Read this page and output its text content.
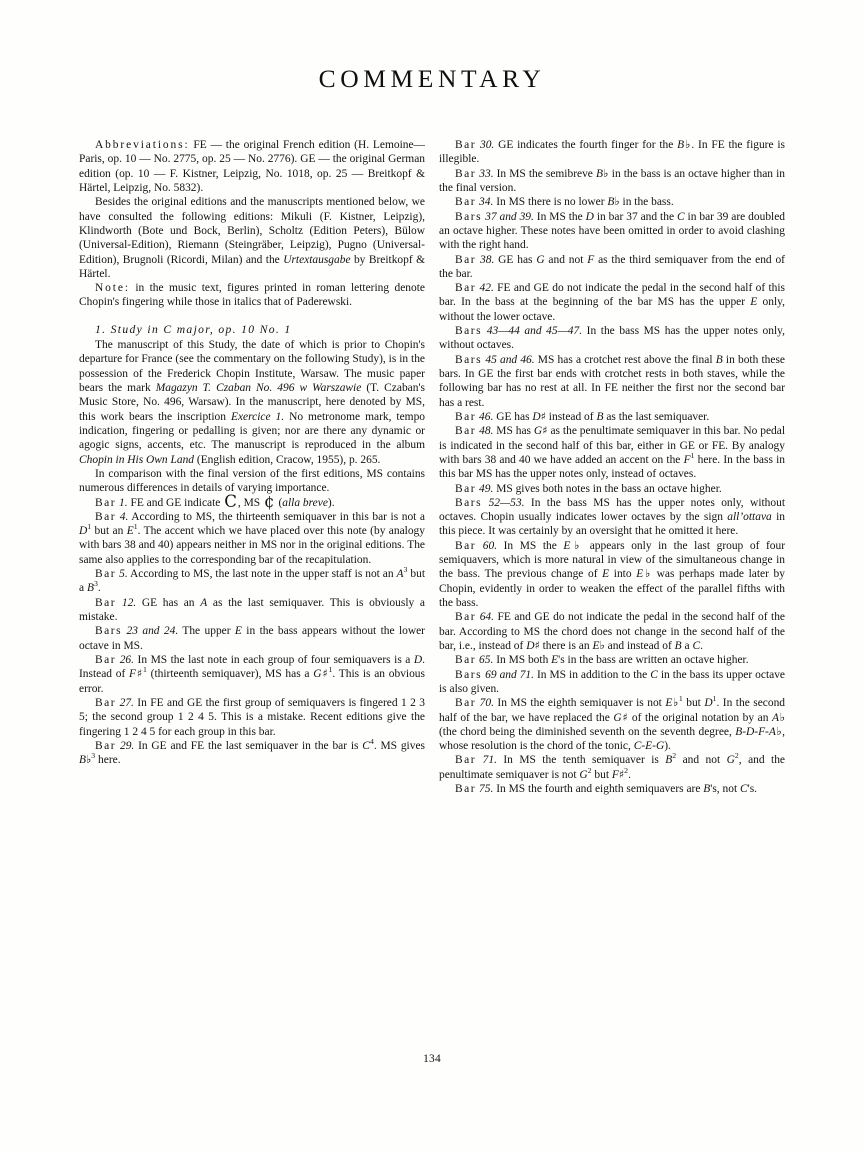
COMMENTARY

Abbreviations: FE — the original French edition (H. Lemoine—Paris, op. 10 — No. 2775, op. 25 — No. 2776). GE — the original German edition (op. 10 — F. Kistner, Leipzig, No. 1018, op. 25 — Breitkopf & Härtel, Leipzig, No. 5832).

Besides the original editions and the manuscripts mentioned below, we have consulted the following editions: Mikuli (F. Kistner, Leipzig), Klindworth (Bote und Bock, Berlin), Scholtz (Edition Peters), Bülow (Universal-Edition), Riemann (Steingräber, Leipzig), Pugno (Universal-Edition), Brugnoli (Ricordi, Milan) and the Urtextausgabe by Breitkopf & Härtel.

Note: in the music text, figures printed in roman lettering denote Chopin's fingering while those in italics that of Paderewski.

1. Study in C major, op. 10 No. 1

The manuscript of this Study, the date of which is prior to Chopin's departure for France (see the commentary on the following Study), is in the possession of the Frederick Chopin Institute, Warsaw. The music paper bears the mark Magazyn T. Czaban No. 496 w Warszawie (T. Czaban's Music Store, No. 496, Warsaw). In the manuscript, here denoted by MS, this work bears the inscription Exercice 1. No metronome mark, tempo indication, fingering or pedalling is given; nor are there any dynamic or agogic signs, accents, etc. The manuscript is reproduced in the album Chopin in His Own Land (English edition, Cracow, 1955), p. 265.

In comparison with the final version of the first editions, MS contains numerous differences in details of varying importance.

Bar 1. FE and GE indicate C, MS ¢ (alla breve).

Bar 4. According to MS, the thirteenth semiquaver in this bar is not a $D^1$ but an $E^1$. The accent which we have placed over this note (by analogy with bars 38 and 40) appears neither in MS nor in the original editions. The same also applies to the corresponding bar of the recapitulation.

Bar 5. According to MS, the last note in the upper staff is not an $A^3$ but a $B^3$.

Bar 12. GE has an A as the last semiquaver. This is obviously a mistake.

Bars 23 and 24. The upper E in the bass appears without the lower octave in MS.

Bar 26. In MS the last note in each group of four semiquavers is a D. Instead of F♯$^1$ (thirteenth semiquaver), MS has a G♯$^1$. This is an obvious error.

Bar 27. In FE and GE the first group of semiquavers is fingered 1 2 3 5; the second group 1 2 4 5. This is a mistake. Recent editions give the fingering 1 2 4 5 for each group in this bar.

Bar 29. In GE and FE the last semiquaver in the bar is $C^4$. MS gives B♭$^3$ here.

Bar 30. GE indicates the fourth finger for the B♭. In FE the figure is illegible.

Bar 33. In MS the semibreve B♭ in the bass is an octave higher than in the final version.

Bar 34. In MS there is no lower B♭ in the bass.

Bars 37 and 39. In MS the D in bar 37 and the C in bar 39 are doubled an octave higher. These notes have been omitted in order to avoid clashing with the right hand.

Bar 38. GE has G and not F as the third semiquaver from the end of the bar.

Bar 42. FE and GE do not indicate the pedal in the second half of this bar. In the bass at the beginning of the bar MS has the upper E only, without the lower octave.

Bars 43—44 and 45—47. In the bass MS has the upper notes only, without octaves.

Bars 45 and 46. MS has a crotchet rest above the final B in both these bars. In GE the first bar ends with crotchet rests in both staves, while the following bar has no rest at all. In FE neither the first nor the second bar has a rest.

Bar 46. GE has D♯ instead of B as the last semiquaver.

Bar 48. MS has G♯ as the penultimate semiquaver in this bar. No pedal is indicated in the second half of this bar, either in GE or FE. By analogy with bars 38 and 40 we have added an accent on the $F^1$ here. In the bass in this bar MS has the upper notes only, instead of octaves.

Bar 49. MS gives both notes in the bass an octave higher.

Bars 52—53. In the bass MS has the upper notes only, without octaves. Chopin usually indicates lower octaves by the sign all’ottava in this piece. It was certainly by an oversight that he omitted it here.

Bar 60. In MS the E♭ appears only in the last group of four semiquavers, which is more natural in view of the simultaneous change in the bass. The previous change of E into E♭ was perhaps made later by Chopin, evidently in order to weaken the effect of the parallel fifths with the bass.

Bar 64. FE and GE do not indicate the pedal in the second half of the bar. According to MS the chord does not change in the second half of the bar, i.e., instead of D♯ there is an E♭ and instead of B a C.

Bar 65. In MS both E's in the bass are written an octave higher.

Bars 69 and 71. In MS in addition to the C in the bass its upper octave is also given.

Bar 70. In MS the eighth semiquaver is not E♭$^1$ but $D^1$. In the second half of the bar, we have replaced the G♯ of the original notation by an A♭ (the chord being the diminished seventh on the seventh degree, B-D-F-A♭, whose resolution is the chord of the tonic, C-E-G).

Bar 71. In MS the tenth semiquaver is $B^2$ and not $G^2$, and the penultimate semiquaver is not $G^2$ but F♯$^2$.

Bar 75. In MS the fourth and eighth semiquavers are B's, not C's.

134
